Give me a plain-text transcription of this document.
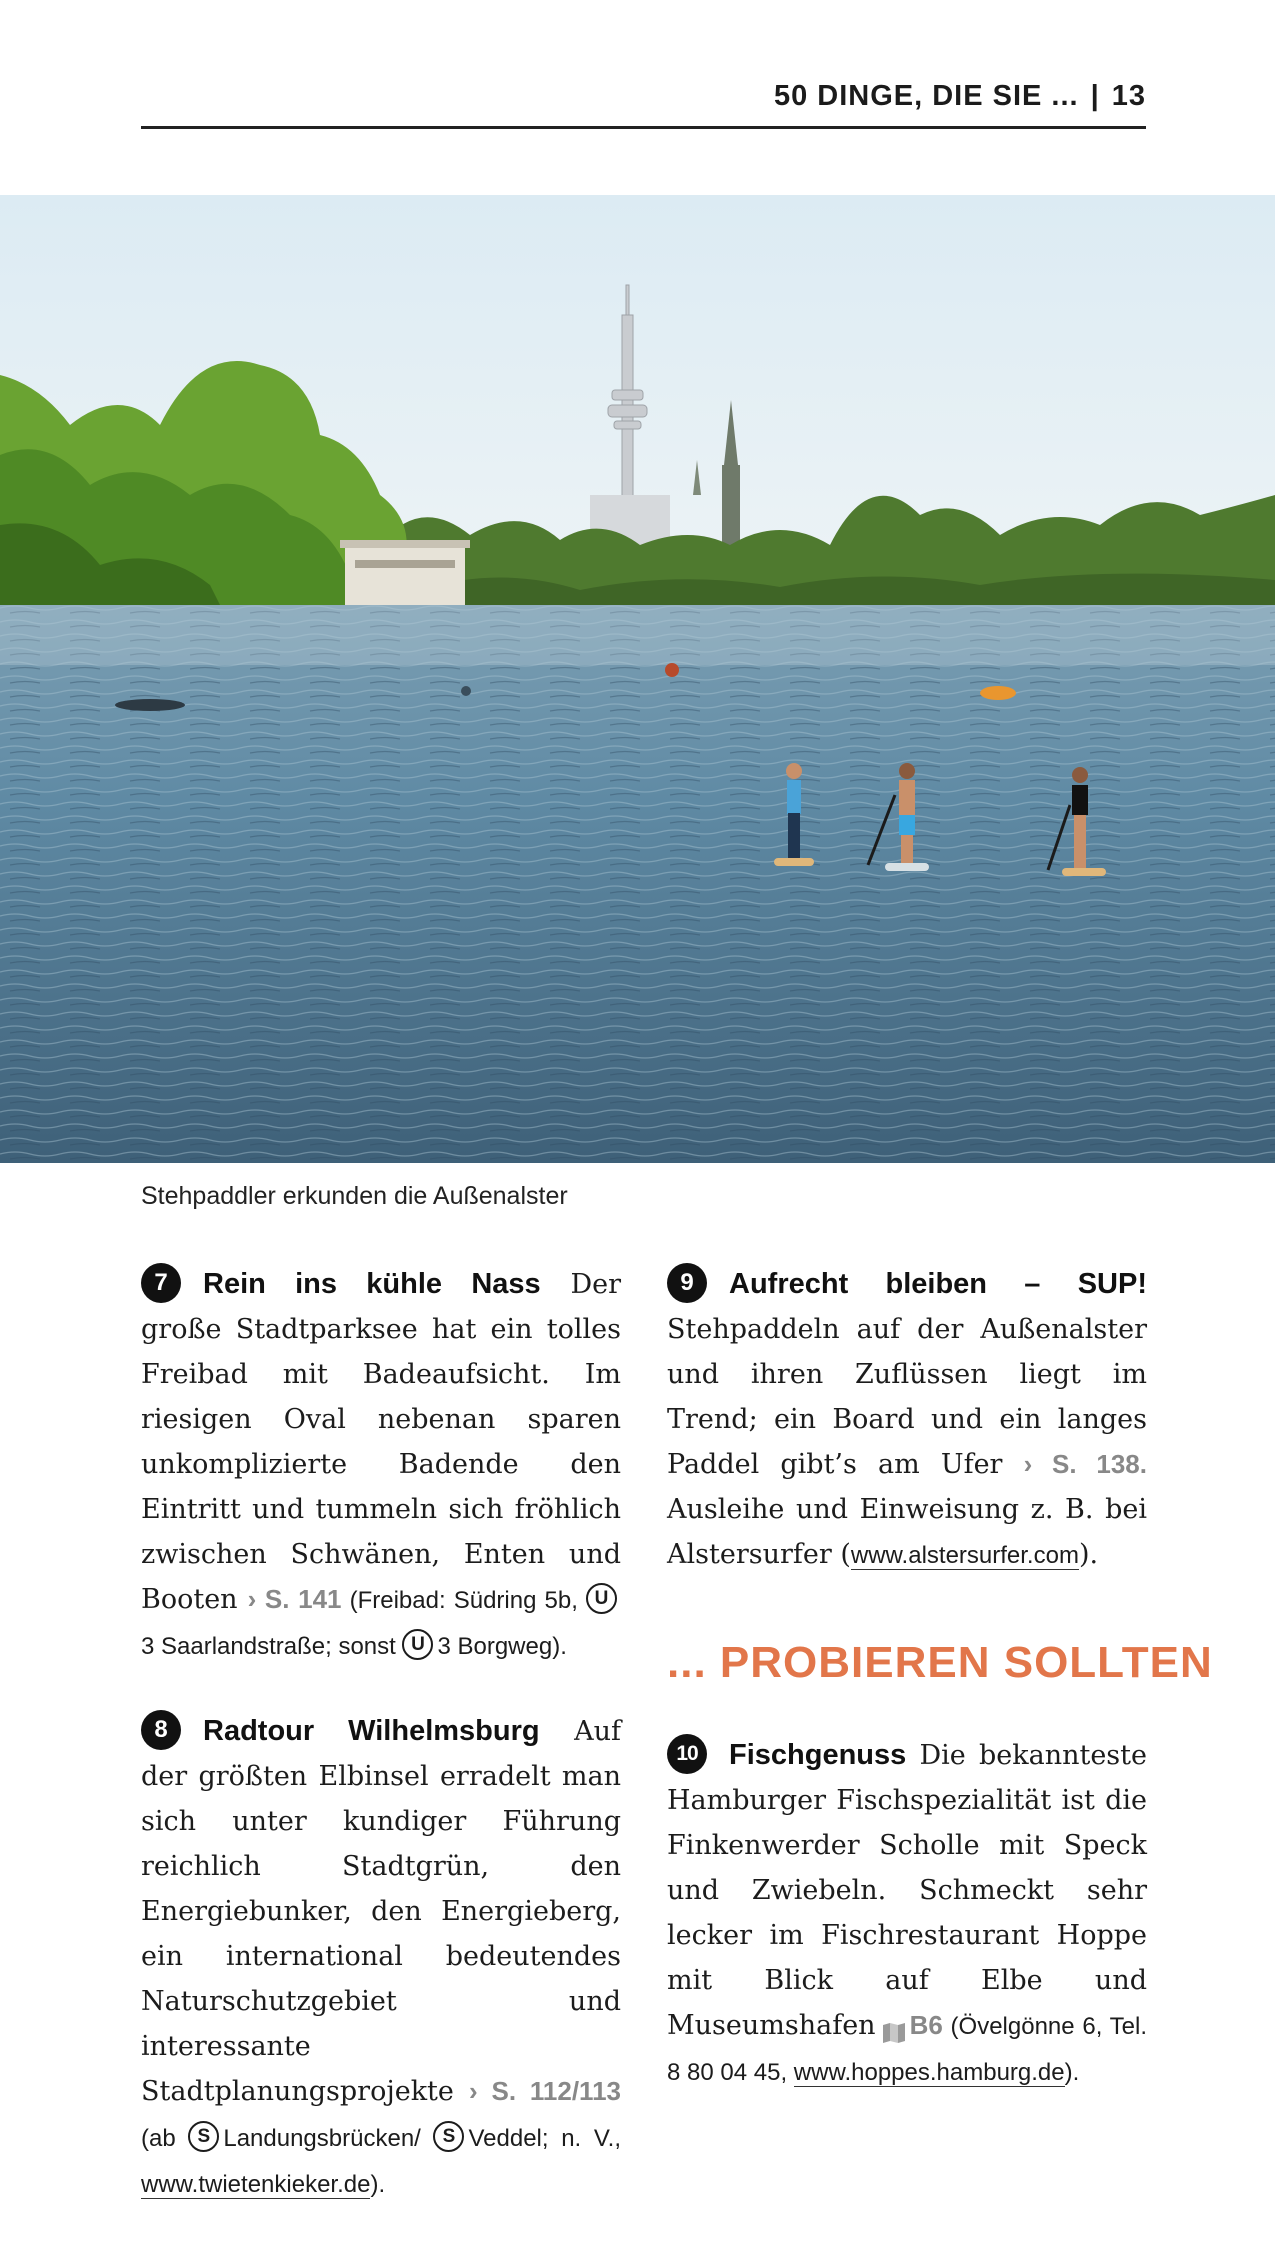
50 DINGE, DIE SIE ... | 13
Stehpaddler erkunden die Außenalster

7 Rein ins kühle Nass Der große Stadtparksee hat ein tolles Freibad mit Badeaufsicht. Im riesigen Oval nebenan sparen unkomplizierte Badende den Eintritt und tummeln sich fröhlich zwischen Schwänen, Enten und Booten › S. 141 (Freibad: Südring 5b, U3 Saarlandstraße; sonst U 3 Borgweg).

8 Radtour Wilhelmsburg Auf der größten Elbinsel erradelt man sich unter kundiger Führung reichlich Stadtgrün, den Energiebunker, den Energieberg, ein international bedeutendes Naturschutzgebiet und interessante Stadtplanungsprojekte › S. 112/113 (ab S Landungsbrücken/ S Veddel; n. V., www.twietenkieker.de).

9 Aufrecht bleiben – SUP! Stehpaddeln auf der Außenalster und ihren Zuflüssen liegt im Trend; ein Board und ein langes Paddel gibt’s am Ufer › S. 138. Ausleihe und Einweisung z. B. bei Alstersurfer (www.alstersurfer.com).

... PROBIEREN SOLLTEN

10 Fischgenuss Die bekannteste Hamburger Fischspezialität ist die Finkenwerder Scholle mit Speck und Zwiebeln. Schmeckt sehr lecker im Fischrestaurant Hoppe mit Blick auf Elbe und Museumshafen B6 (Övelgönne 6, Tel. 8 80 04 45, www.hoppes.hamburg.de).
